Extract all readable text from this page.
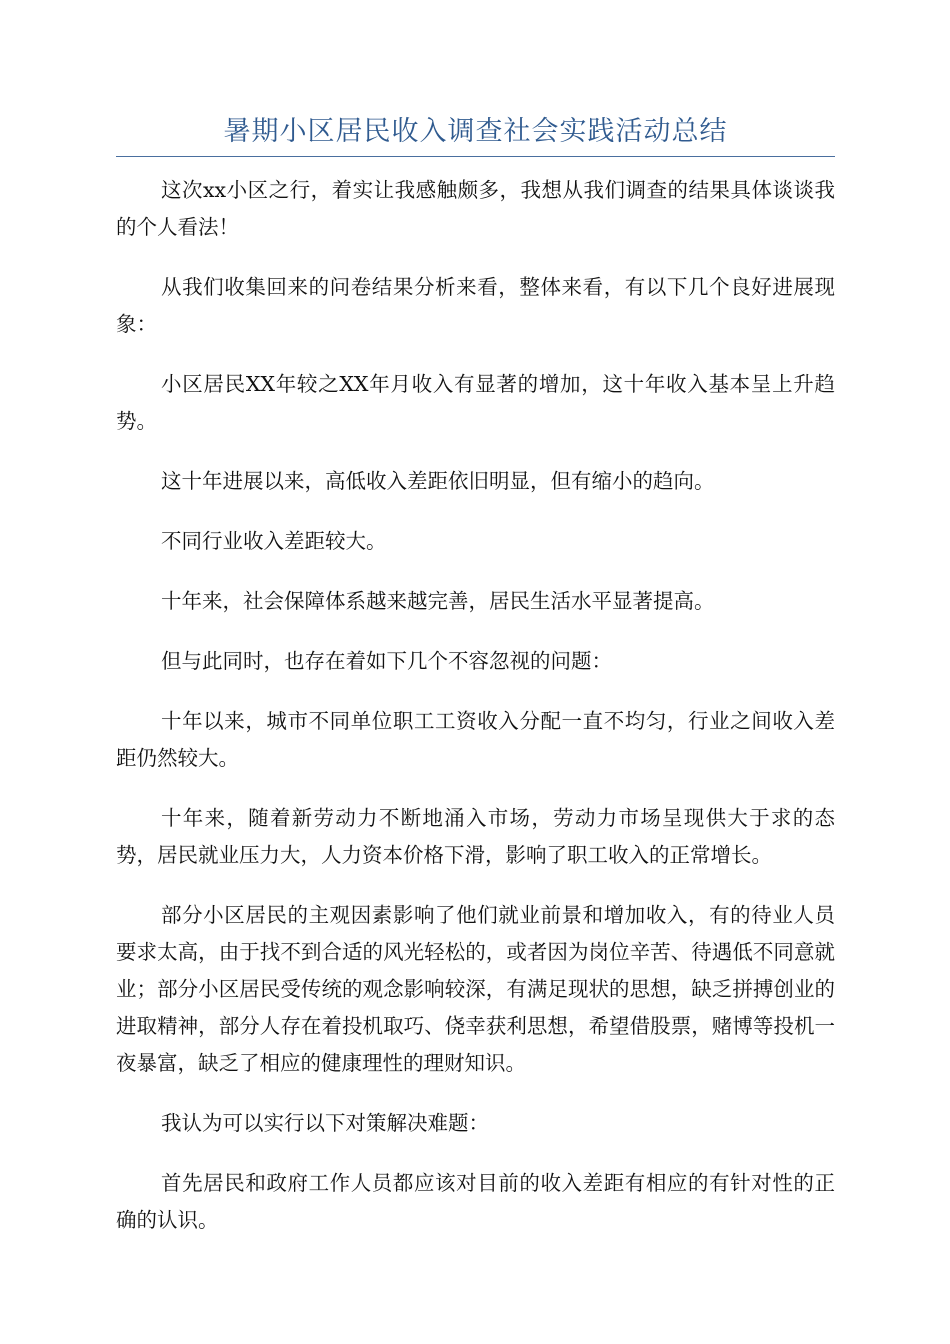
暑期小区居民收入调查社会实践活动总结

这次xx小区之行，着实让我感触颇多，我想从我们调查的结果具体谈谈我的个人看法！

从我们收集回来的问卷结果分析来看，整体来看，有以下几个良好进展现象：

小区居民XX年较之XX年月收入有显著的增加，这十年收入基本呈上升趋势。

这十年进展以来，高低收入差距依旧明显，但有缩小的趋向。

不同行业收入差距较大。

十年来，社会保障体系越来越完善，居民生活水平显著提高。

但与此同时，也存在着如下几个不容忽视的问题：

十年以来，城市不同单位职工工资收入分配一直不均匀，行业之间收入差距仍然较大。

十年来，随着新劳动力不断地涌入市场，劳动力市场呈现供大于求的态势，居民就业压力大，人力资本价格下滑，影响了职工收入的正常增长。

部分小区居民的主观因素影响了他们就业前景和增加收入，有的待业人员要求太高，由于找不到合适的风光轻松的，或者因为岗位辛苦、待遇低不同意就业；部分小区居民受传统的观念影响较深，有满足现状的思想，缺乏拼搏创业的进取精神，部分人存在着投机取巧、侥幸获利思想，希望借股票，赌博等投机一夜暴富，缺乏了相应的健康理性的理财知识。

我认为可以实行以下对策解决难题：

首先居民和政府工作人员都应该对目前的收入差距有相应的有针对性的正确的认识。
